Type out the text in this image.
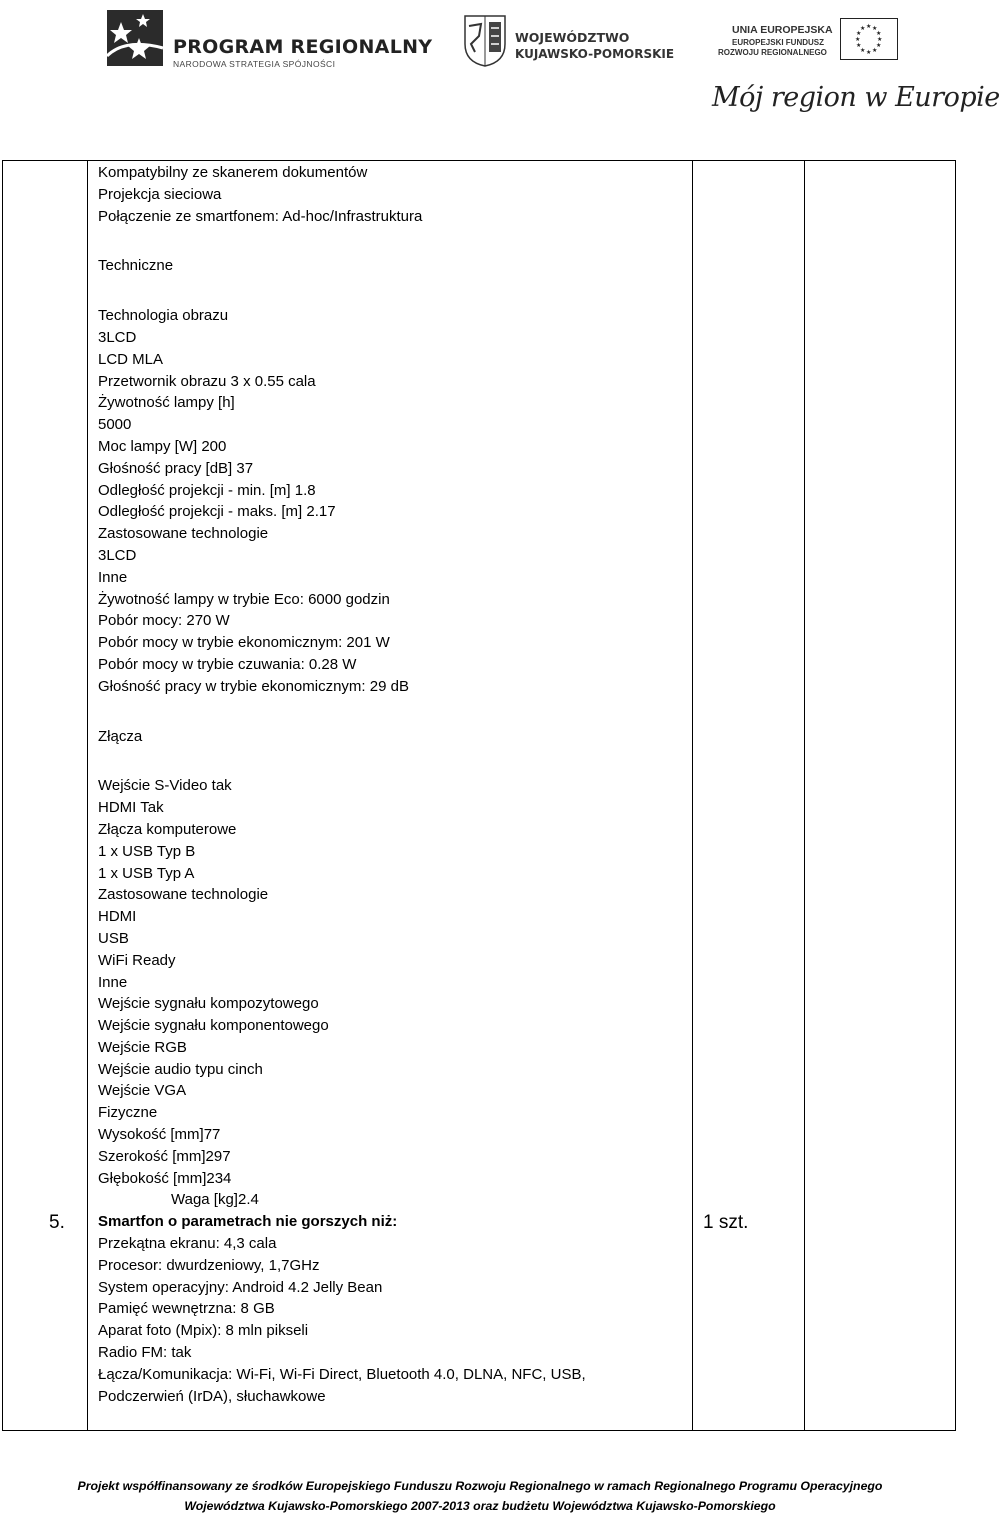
PROGRAM REGIONALNY
NARODOWA STRATEGIA SPÓJNOŚCI
WOJEWÓDZTWO
KUJAWSKO-POMORSKIE
UNIA EUROPEJSKA
EUROPEJSKI FUNDUSZ
ROZWOJU REGIONALNEGO
★ ★
★
★
★
★
★
★
★
★
★
★
Mój region w Europie
Kompatybilny ze skanerem dokumentów
Projekcja sieciowa
Połączenie ze smartfonem: Ad-hoc/Infrastruktura
Techniczne
Technologia obrazu
3LCD
LCD MLA
Przetwornik obrazu 3 x 0.55 cala
Żywotność lampy [h]
5000
Moc lampy [W] 200
Głośność pracy [dB] 37
Odległość projekcji - min. [m] 1.8
Odległość projekcji - maks. [m] 2.17
Zastosowane technologie
3LCD
Inne
Żywotność lampy w trybie Eco: 6000 godzin
Pobór mocy: 270 W
Pobór mocy w trybie ekonomicznym: 201 W
Pobór mocy w trybie czuwania: 0.28 W
Głośność pracy w trybie ekonomicznym: 29 dB
Złącza
Wejście S-Video tak
HDMI Tak
Złącza komputerowe
1 x USB Typ B
1 x USB Typ A
Zastosowane technologie
HDMI
USB
WiFi Ready
Inne
Wejście sygnału kompozytowego
Wejście sygnału komponentowego
Wejście RGB
Wejście audio typu cinch
Wejście VGA
Fizyczne
Wysokość [mm]77
Szerokość [mm]297
Głębokość [mm]234
Waga [kg]2.4
Smartfon o parametrach nie gorszych niż:
Przekątna ekranu: 4,3 cala
Procesor: dwurdzeniowy, 1,7GHz
System operacyjny: Android 4.2 Jelly Bean
Pamięć wewnętrzna: 8 GB
Aparat foto (Mpix): 8 mln pikseli
Radio FM: tak
Łącza/Komunikacja: Wi-Fi, Wi-Fi Direct, Bluetooth 4.0, DLNA, NFC, USB,
Podczerwień (IrDA), słuchawkowe
5.	1 szt.
Projekt współfinansowany ze środków Europejskiego Funduszu Rozwoju Regionalnego w ramach Regionalnego Programu Operacyjnego
Województwa Kujawsko-Pomorskiego 2007-2013 oraz budżetu Województwa Kujawsko-Pomorskiego
